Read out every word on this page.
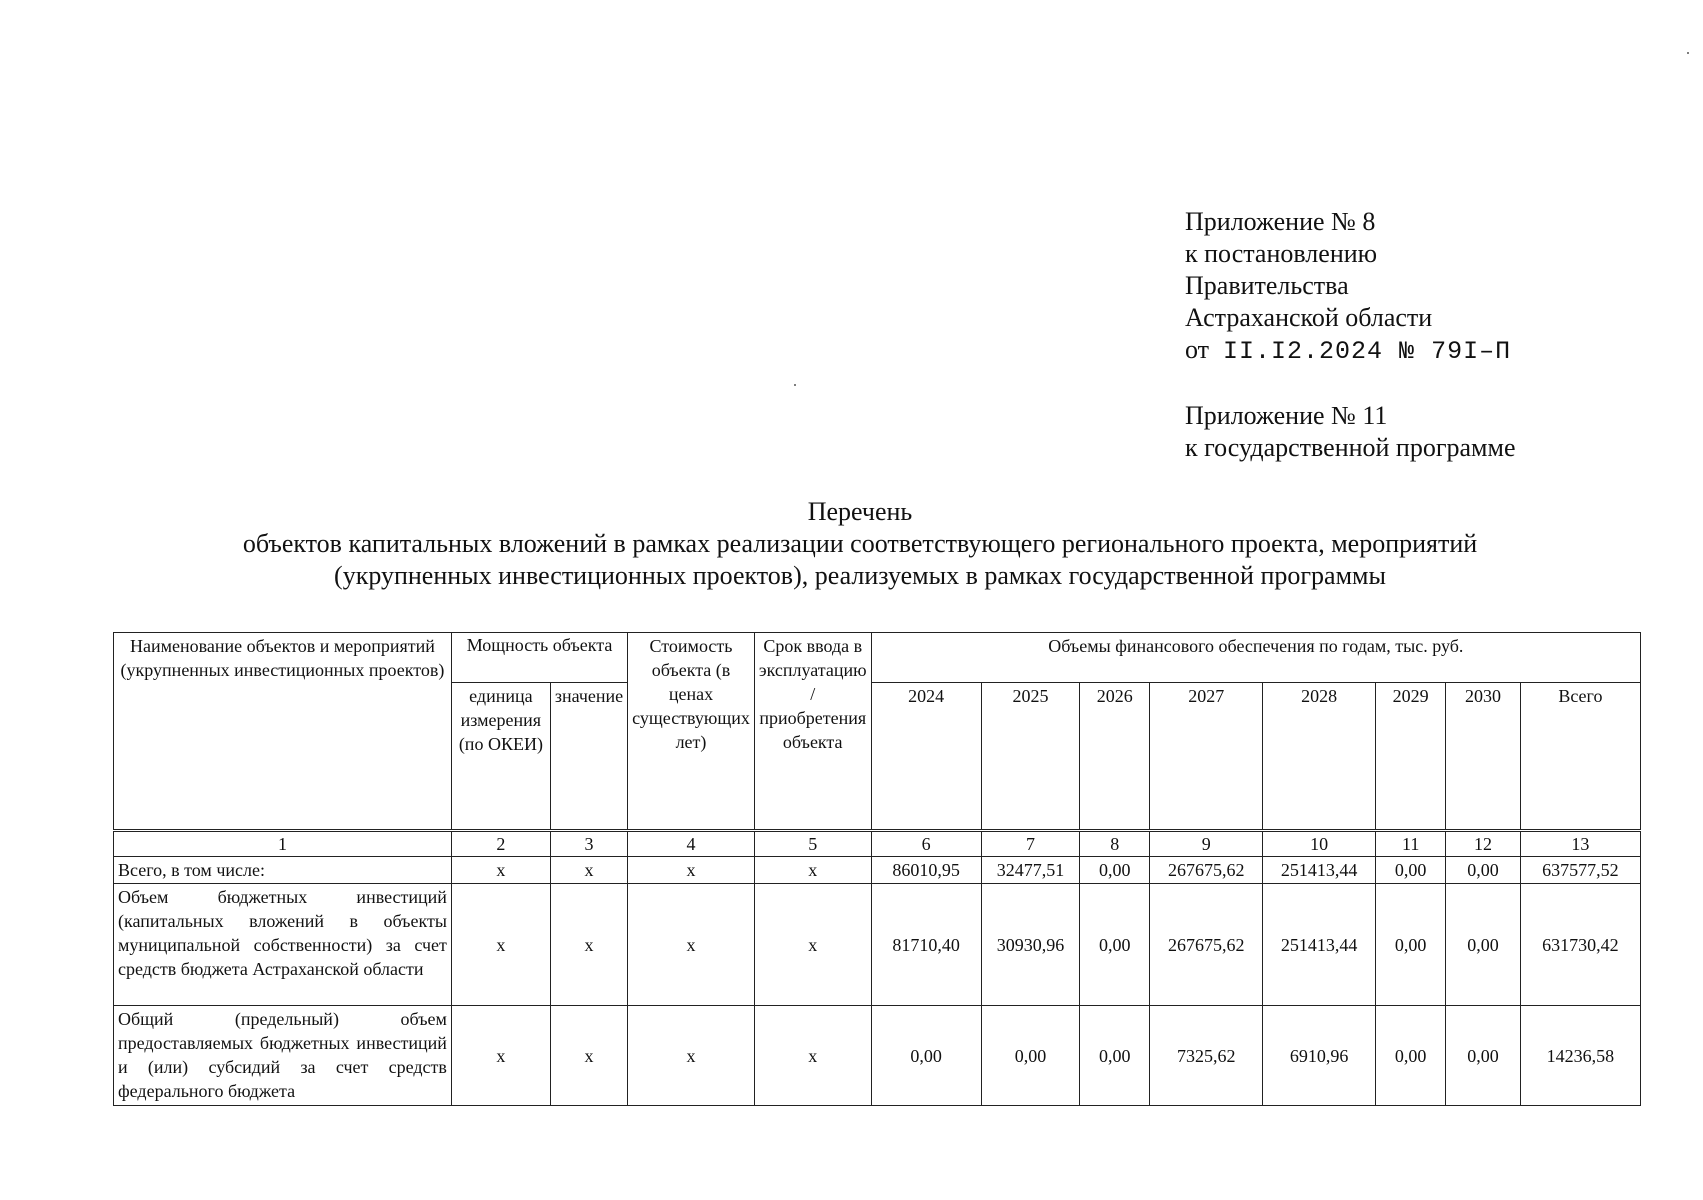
Приложение № 8
к постановлению
Правительства
Астраханской области
от II.I2.2024 № 79I–П
Приложение № 11
к государственной программе
Перечень
объектов капитальных вложений в рамках реализации соответствующего регионального проекта, мероприятий
(укрупненных инвестиционных проектов), реализуемых в рамках государственной программы
Наименование объектов и мероприятий (укрупненных инвестиционных проектов)	Мощность объекта		Стоимость объекта (в ценах существующих лет)	Срок ввода в эксплуатацию / приобретения объекта	Объемы финансового обеспечения по годам, тыс. руб.							
	единица измерения (по ОКЕИ)	значение			2024	2025	2026	2027	2028	2029	2030	Всего
1	2	3	4	5	6	7	8	9	10	11	12	13
Всего, в том числе:	х	х	х	х	86010,95	32477,51	0,00	267675,62	251413,44	0,00	0,00	637577,52
Объем бюджетных инвестиций (капитальных вложений в объекты муниципальной собственности) за счет средств бюджета Астраханской области	х	х	х	х	81710,40	30930,96	0,00	267675,62	251413,44	0,00	0,00	631730,42
Общий (предельный) объем предоставляемых бюджетных инвестиций и (или) субсидий за счет средств федерального бюджета	х	х	х	х	0,00	0,00	0,00	7325,62	6910,96	0,00	0,00	14236,58
